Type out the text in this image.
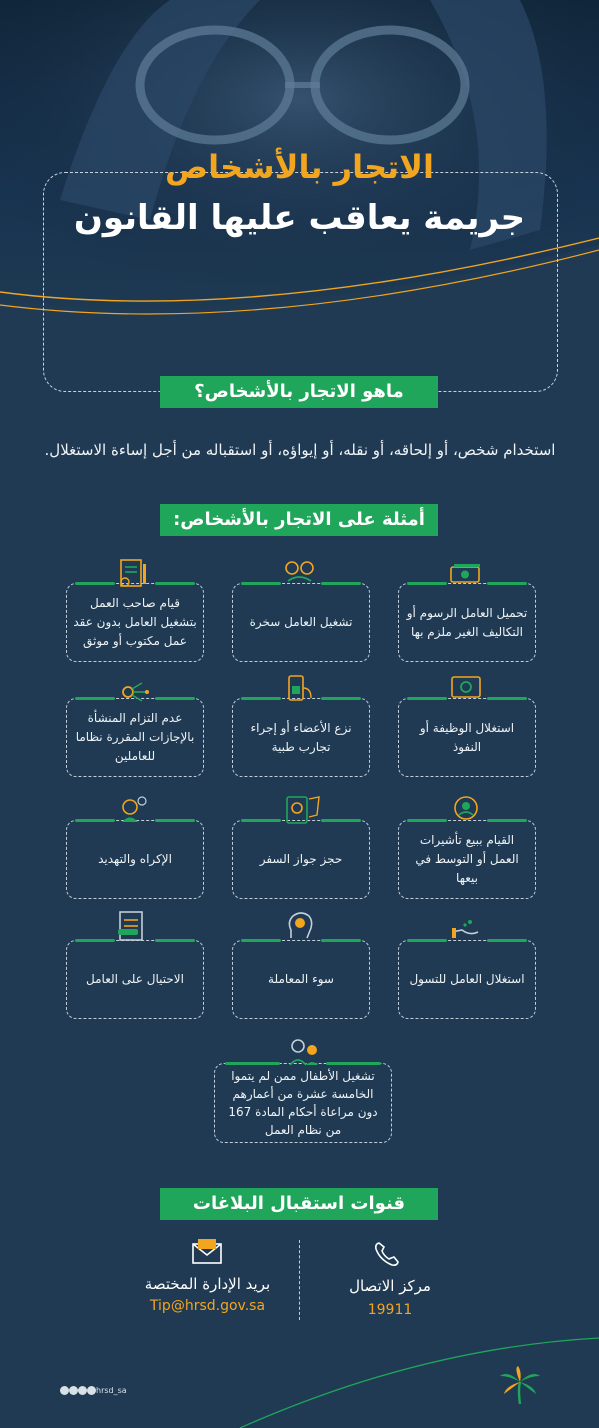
الاتجار بالأشخاص
جريمة يعاقب عليها القانون
ماهو الاتجار بالأشخاص؟
استخدام شخص، أو إلحاقه، أو نقله، أو إيواؤه، أو استقباله من أجل إساءة الاستغلال.
أمثلة على الاتجار بالأشخاص:
تحميل العامل الرسوم أو التكاليف الغير ملزم بها
تشغيل العامل سخرة
قيام صاحب العمل بتشغيل العامل بدون عقد عمل مكتوب أو موثق
استغلال الوظيفة أو النفوذ
نزع الأعضاء أو إجراء تجارب طبية
عدم التزام المنشأة بالإجازات المقررة نظاما للعاملين
القيام ببيع تأشيرات العمل أو التوسط في بيعها
حجز جواز السفر
الإكراه والتهديد
استغلال العامل للتسول
سوء المعاملة
الاحتيال على العامل
تشغيل الأطفال ممن لم يتموا الخامسة عشرة من أعمارهم دون مراعاة أحكام المادة 167 من نظام العمل
قنوات استقبال البلاغات
مركز الاتصال
19911
بريد الإدارة المختصة
Tip@hrsd.gov.sa
hrsd_sa
